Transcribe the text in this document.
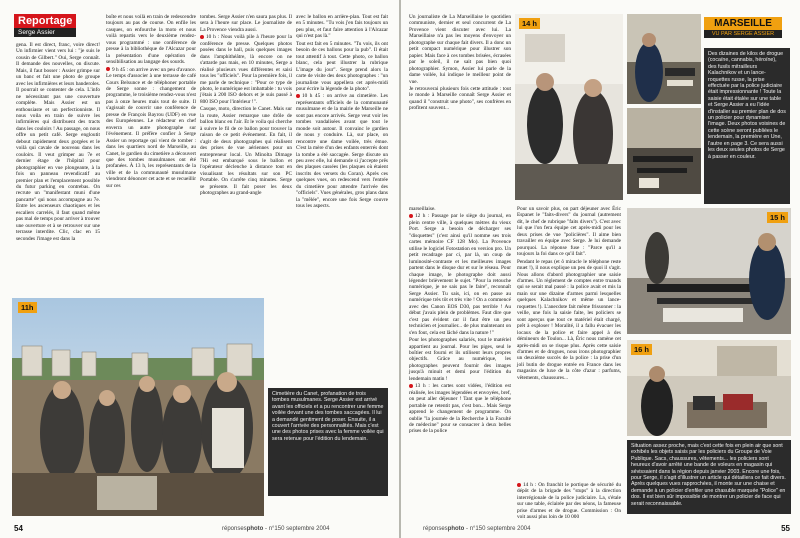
Reportage
Serge Assier

gena. Il est direct, franc, voire direct! Un infirmier vient vers lui : "je suis le cousin de Gilbert." Oui, Serge connaît. Il demande des nouvelles, on discute. Mais, il faut bosser : Assier grimpe sur un banc et fait une photo de groupe avec les infirmières et leurs banderoles. Il pourrait se contenter de cela. L'info ne nécessitant pas une couverture complète. Mais Assier est un enthousiaste et un perfectionniste. Il nous voila en train de suivre les infirmières qui distribuent des tracts dans les couloirs ! Au passage, on nous offre un petit café. Serge engloutit debout rapidement deux gorgées et le voilà qui cavale de nouveau dans les couloirs. Il veut grimper au 7e et dernier étage de l'hôpital pour photographier en vue plongeante, à la fois un panneau revendicatif au premier plan et l'emplacement possible du futur parking en contrebas. On recrute un "manifestant muni d'une pancarte" qui nous accompagne au 7e. Entre les ascenseurs chaotiques et les escaliers carrelés, il faut quand même pas mal de temps pour arriver à trouver une ouverture et à se retrouver sur une terrasse interdite. Clic, clac en 15 secondes l'image est dans la

boîte et nous voilà en train de redescendre toujours au pas de course. On enfile les casques, on enfourche la moto et nous voilà repartis vers le deuxième rendez-vous programmé : une conférence de presse à la bibliothèque de l'Alcazar pour la présentation d'une opération de sensibilisation au langage des sourds.

9 h 45 : on arrive avec un peu d'avance. Le temps d'associer à une terrasse de café Cours Belsunce et de téléphoner portable de Serge sonne : changement de programme, le troisième rendez-vous n'est pas à onze heures mais tout de suite. Il s'agissait de couvrir une conférence de presse de François Bayrou (UDF) en vue des Européennes. Le rédacteur en chef enverra un autre photographe sur l'événement. Il préfère confier à Serge Assier un reportage qui vient de tomber : dans les quartiers nord de Marseille, au Canet, le gardien du cimetière a découvert que des tombes musulmanes ont été profanées. À 13 h, les représentants de la ville et de la communauté musulmane viendront dénoncer cet acte et se recueillir sur ces

tombes. Serge Assier n'en saura pas plus. Il sera à l'heure sur place. Le journaliste de La Provence viendra aussi.

10 h : Nous voilà pile à l'heure pour la conférence de presse. Quelques photos posées dans le hall, puis quelques images dans l'amphithéâtre, là encore on ne s'attarde pas mais, en 10 minutes, Serge a réalisé plusieurs vues différentes et saisi tous les "officiels". Pour la première fois, il me parle de technique : "Pour ce type de photo, le numérique est imbattable : tu vois j'étais à 200 ISO dehors et je suis passé à 800 ISO pour l'intérieur !".

Casque, moto, direction le Canet. Mais sur la route, Assier remarque une drôle de ballon blanc en l'air. Et le voila qui cherche à suivre le fil de ce ballon pour trouver la raison de ce petit événement. En fait, il s'agit de deux photographes qui réalisent des prises de vue aériennes pour un entrepreneur local. Un Minolta Dimage 7Hi est embarqué sous le ballon et l'opérateur déclenche à distance tout en visualisant les résultats sur son PC Portable. On s'arrête cinq minutes. Serge se présente. Il fait poser les deux photographes au grand-angle

avec le ballon en arrière-plan. Tout est fait en 5 minutes. "Tu vois j'en fais toujours un peu plus, et faut faire attention à l'Alcazar qui n'est pas là."

Tout est fait en 5 minutes. "Tu vois, ils ont besoin de ces ballons pour la pub". Il était tout attentif à tout. Cette photo, ce ballon blanc, cela peut illustrer la rubrique L'image du jour". Serge prend alors la carte de visite des deux photographes : "un journaliste vous appellera cet après-midi pour écrire la légende de la photo".

10 h 45 : on arrive au cimetière. Les représentants officiels de la communauté musulmane et de la mairie de Marseille ne sont pas encore arrivés. Serge veut voir les tombes vandalisées avant que tout le monde soit autour. Il convainc le gardien de nous y conduire. Là, sur place, on rencontre une dame voilée, très émue. C'est la mère d'un des enfants enterrés dont la tombe a été saccagée. Serge discute un peu avec elle, lui demande si j'accepte prês des plaques cassées (les plaques où étaient inscrits des versets du Coran). Après ces quelques vues, on redescend vers l'entrée du cimetière pour attendre l'arrivée des "officiels". Vues générales, gros plans dans la "mêlée", encore une fois Serge couvre tous les aspects.

11h
Cimetière du Canet, profanation de trois tombes musulmanes. Serge Assier est arrivé avant les officiels et a pu rencontrer une femme voilée devant une des tombes saccagées. Il lui a demandé gentiment de poser. Ensuite, il a couvert l'arrivée des personnalités. Mais c'est une des photos prises avec la femme voilée qui sera retenue pour l'édition du lendemain.
54	réponsesphoto - n°150 septembre 2004

Un journaliste de La Marseillaise le quotidien communiste, dernier et seul concurrent de La Provence vient discuter avec lui. La Marseillaise n'a pas les moyens d'envoyer un photographe sur chaque fait divers. Il a donc un petit compact numérique pour illustrer son papier. Mais face à ces tombes brisées, écrasées par le soleil, il ne sait pas bien quoi photographier. Symon, Assier lui parle de la dame voilée, lui indique le meilleur point de vue.

Je retrouverai plusieurs fois cette attitude : tout le monde à Marseille connaît Serge Assier et quand il "construit une photo", ses confrères en profitent souvent...

marseillaise.

12 h : Passage par le siège du journal, en plein centre ville, à quelques mètres du vieux Port. Serge a besoin de décharger ses "disquettes" (c'est ainsi qu'il nomme ses trois cartes mémoire CF 128 Mo). La Provence utilise le logiciel Fotostation en version pro. Un petit recadrage par ci, par là, un coup de luminosité-contraste et les meilleures images partent dans le disque dur et sur le réseau. Pour chaque image, le photographe doit aussi légender brièvement le sujet. "Pour la retouche numérique, je ne sais pas le faire", reconnaît Serge Assier. Tu sais, ici, on en passe au numérique très tôt et très vite ! On a commencé avec des Canon EOS D30, pas terrible ! Au début j'avais plein de problèmes. Faut dire que c'est pas évident car il faut être un peu technicien et journalier... de plus maintenant on s'en fout, cela est lâché dans la nature !"

Pour les photographes salariés, tout le matériel appartient au journal. Pour les piges, seul le boîtier est fourni et ils utilisent leurs propres objectifs. Grâce au numérique, les photographes peuvent fournir des images jusqu'à minuit et demi pour l'édition du lendemain matin !

13 h : les cartes sont vidées, l'édition est réalisée, les images légendées et envoyées, bref, on peut aller déjeuner ! Tant que le téléphone portable ne retentit pas, c'est bon... Mais Serge apprend le changement de programme. On oublie "la journée de la Recherche à la Faculté de médecine" pour se consacrer à deux belles prises de la police

Pour un savoir plus, on part déjeuner avec Éric Espanet le "faits-divers" du journal (autrement dit, le chef de rubrique "faits divers"). C'est avec lui que l'on fera équipe cet après-midi pour les deux prises de vue "policières". Il aime bien travailler en équipe avec Serge. Je lui demande pourquoi. La réponse fuse : "Parce qu'il a toujours la foi dans ce qu'il fait".

Pendant le repas (et ô miracle le téléphone reste muet !), il nous explique un peu de quoi il s'agit. Nous allons d'abord photographier une saisie d'armes. Un règlement de comptes entre truands qui se serait mal passé : la police avait et mis la main sur une dizaine d'armes parmi lesquelles quelques Kalachnikov et même un lance-roquettes !). L'anecdote fait même frissonner : la veille, une fois la saisie faite, les policiers se sont aperçus que tout ce matériel était chargé, prêt à exploser ! Moralité, il a fallu évacuer les locaux de la police et faire appel à des démineurs de Toulon... Là, Éric nous ramène cet après-midi on se risque plus. Après cette saisie d'armes et de drogues, nous irons photographier un deuxième succès de la police : la prise d'un joli butin de drogue entrée en France dans les magasins de luxe de la côte d'azur : parfums, vêtements, chaussures...

14 h : On franchit le portique de sécurité du dépôt de la brigade des "stups" à la direction interrégionale de la police judiciaire. La, s'étale sur une table, éclairée par des néons, la fameuse prise d'armes et de drogue. Commission : On voit aussi plus loin de 10 000

14 h	MARSEILLE
VU PAR SERGE ASSIER
Des dizaines de kilos de drogue (cocaïne, cannabis, héroïne), des fusils mitrailleurs Kalachnikov et un lance-roquettes russe, la prise effectuée par la police judiciaire était impressionnante ! Toute la saisie était étalée sur une table et Serge Assier a eu l'idée d'installer au premier plan de dos un policier pour dynamiser l'image. Deux photos voisines de cette scène seront publiées le lendemain, la première en Une, l'autre en page 3. Ce sera aussi les deux seules photos de Serge à passer en couleur.
15 h
16 h
Situation assez proche, mais c'est cette fois en plein air que sont exhibés les objets saisis par les policiers du Groupe de Voie Publique. Sacs, chaussures, vêtements... les policiers sont heureux d'avoir arrêté une bande de voleurs en magasin qui sévissaient dans la région depuis janvier 2003. Encore une fois, pour Serge, il s'agit d'illustrer un article qui détaillera ce fait divers. Après quelques vues rapprochées, il monte sur une chaise et demande à un policier d'enfiler une chasuble marquée "Police" en dos. Il est bien sûr impossible de montrer un policier de face qui serait reconnaissable.
réponsesphoto - n°150 septembre 2004	55
